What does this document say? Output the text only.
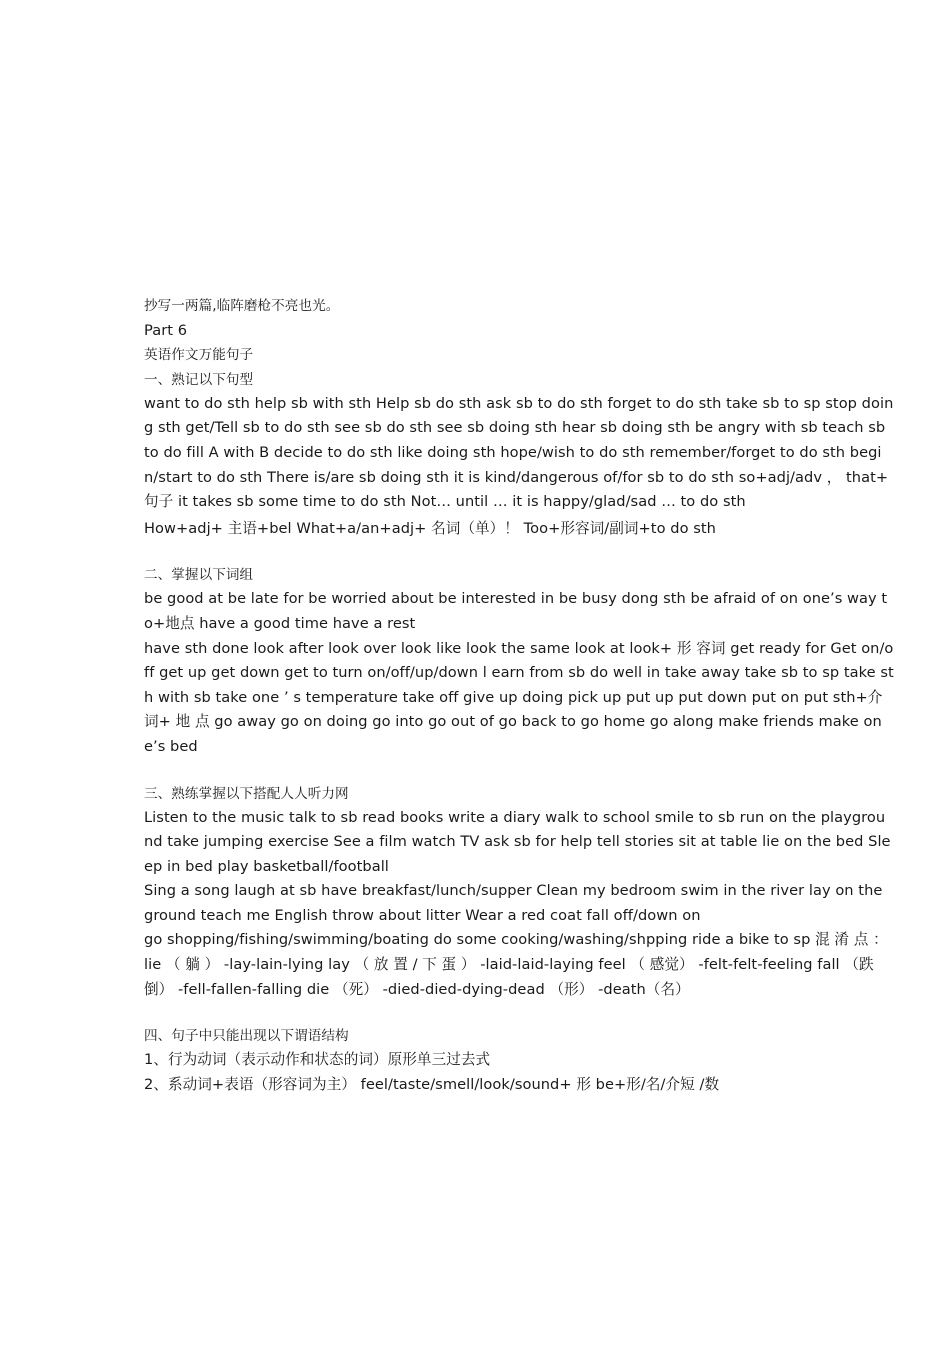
抄写一两篇,临阵磨枪不亮也光。

Part 6

英语作文万能句子

一、熟记以下句型

want to do sth help sb with sth Help sb do sth ask sb to do sth forget to do sth take sb to sp stop doing sth get/Tell sb to do sth see sb do sth see sb doing sth hear sb doing sth be angry with sb teach sb to do fill A with B decide to do sth like doing sth hope/wish to do sth remember/forget to do sth begin/start to do sth There is/are sb doing sth it is kind/dangerous of/for sb to do sth so+adj/adv ， that+ 句子 it takes sb some time to do sth Not… until … it is happy/glad/sad … to do sth

How+adj+ 主语+bel What+a/an+adj+ 名词（单）！ Too+形容词/副词+to do sth

二、掌握以下词组

be good at be late for be worried about be interested in be busy dong sth be afraid of on one’s way to+地点 have a good time have a rest

have sth done look after look over look like look the same look at look+ 形 容词 get ready for Get on/off get up get down get to turn on/off/up/down l earn from sb do well in take away take sb to sp take sth with sb take one ’ s temperature take off give up doing pick up put up put down put on put sth+介词+ 地 点 go away go on doing go into go out of go back to go home go along make friends make one’s bed

三、熟练掌握以下搭配人人听力网

Listen to the music talk to sb read books write a diary walk to school smile to sb run on the playground take jumping exercise See a film watch TV ask sb for help tell stories sit at table lie on the bed Sleep in bed play basketball/football

Sing a song laugh at sb have breakfast/lunch/supper Clean my bedroom swim in the river lay on the ground teach me English throw about litter Wear a red coat fall off/down on

go shopping/fishing/swimming/boating do some cooking/washing/shpping ride a bike to sp 混 淆 点 ： lie （ 躺 ） -lay-lain-lying lay （ 放 置 / 下 蛋 ） -laid-laid-laying feel （ 感觉） -felt-felt-feeling fall （跌倒） -fell-fallen-falling die （死） -died-died-dying-dead （形） -death（名）

四、句子中只能出现以下谓语结构

1、行为动词（表示动作和状态的词）原形单三过去式

2、系动词+表语（形容词为主） feel/taste/smell/look/sound+ 形 be+形/名/介短 /数
